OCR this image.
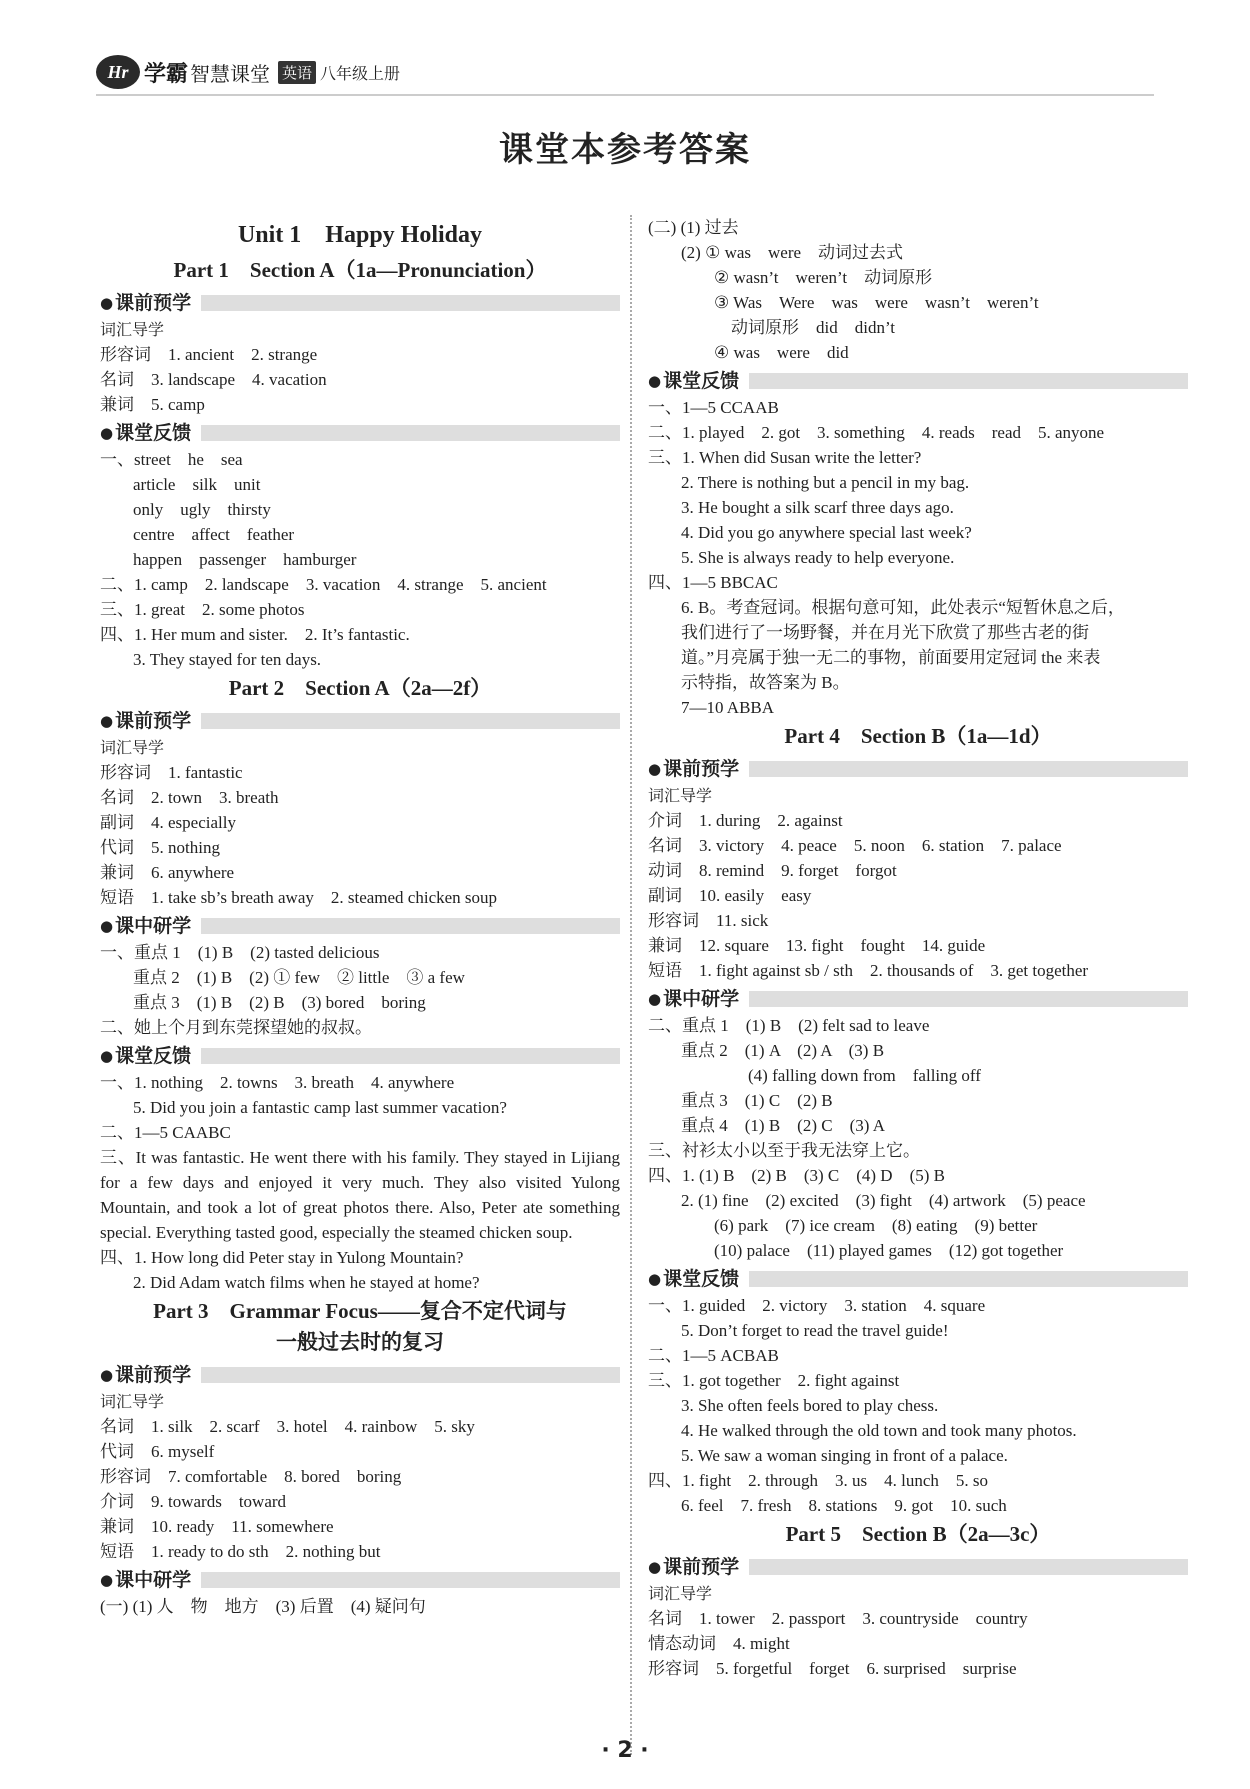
Hr 学霸 智慧课堂 英语 八年级上册
课堂本参考答案
Unit 1　Happy Holiday
Part 1　Section A（1a—Pronunciation）
● 课前预学
词汇导学
形容词　1. ancient　2. strange
名词　3. landscape　4. vacation
兼词　5. camp
● 课堂反馈
一、street　he　sea
article　silk　unit
only　ugly　thirsty
centre　affect　feather
happen　passenger　hamburger
二、1. camp　2. landscape　3. vacation　4. strange　5. ancient
三、1. great　2. some photos
四、1. Her mum and sister.　2. It’s fantastic.
3. They stayed for ten days.
Part 2　Section A（2a—2f）
● 课前预学
词汇导学
形容词　1. fantastic
名词　2. town　3. breath
副词　4. especially
代词　5. nothing
兼词　6. anywhere
短语　1. take sb’s breath away　2. steamed chicken soup
● 课中研学
一、重点 1　(1) B　(2) tasted delicious
重点 2　(1) B　(2) ① few　② little　③ a few
重点 3　(1) B　(2) B　(3) bored　boring
二、她上个月到东莞探望她的叔叔。
● 课堂反馈
一、1. nothing　2. towns　3. breath　4. anywhere
5. Did you join a fantastic camp last summer vacation?
二、1—5 CAABC
三、It was fantastic. He went there with his family. They stayed in Lijiang for a few days and enjoyed it very much. They also visited Yulong Mountain, and took a lot of great photos there. Also, Peter ate something special. Everything tasted good, especially the steamed chicken soup.
四、1. How long did Peter stay in Yulong Mountain?
2. Did Adam watch films when he stayed at home?
Part 3　Grammar Focus——复合不定代词与
一般过去时的复习
● 课前预学
词汇导学
名词　1. silk　2. scarf　3. hotel　4. rainbow　5. sky
代词　6. myself
形容词　7. comfortable　8. bored　boring
介词　9. towards　toward
兼词　10. ready　11. somewhere
短语　1. ready to do sth　2. nothing but
● 课中研学
(一) (1) 人　物　地方　(3) 后置　(4) 疑问句
(二) (1) 过去
(2) ① was　were　动词过去式
② wasn’t　weren’t　动词原形
③ Was　Were　was　were　wasn’t　weren’t
　动词原形　did　didn’t
④ was　were　did
● 课堂反馈
一、1—5 CCAAB
二、1. played　2. got　3. something　4. reads　read　5. anyone
三、1. When did Susan write the letter?
2. There is nothing but a pencil in my bag.
3. He bought a silk scarf three days ago.
4. Did you go anywhere special last week?
5. She is always ready to help everyone.
四、1—5 BBCAC
6. B。考查冠词。根据句意可知，此处表示“短暂休息之后，
我们进行了一场野餐，并在月光下欣赏了那些古老的街
道。”月亮属于独一无二的事物，前面要用定冠词 the 来表
示特指，故答案为 B。
7—10 ABBA
Part 4　Section B（1a—1d）
● 课前预学
词汇导学
介词　1. during　2. against
名词　3. victory　4. peace　5. noon　6. station　7. palace
动词　8. remind　9. forget　forgot
副词　10. easily　easy
形容词　11. sick
兼词　12. square　13. fight　fought　14. guide
短语　1. fight against sb / sth　2. thousands of　3. get together
● 课中研学
二、重点 1　(1) B　(2) felt sad to leave
重点 2　(1) A　(2) A　(3) B
(4) falling down from　falling off
重点 3　(1) C　(2) B
重点 4　(1) B　(2) C　(3) A
三、衬衫太小以至于我无法穿上它。
四、1. (1) B　(2) B　(3) C　(4) D　(5) B
2. (1) fine　(2) excited　(3) fight　(4) artwork　(5) peace
(6) park　(7) ice cream　(8) eating　(9) better
(10) palace　(11) played games　(12) got together
● 课堂反馈
一、1. guided　2. victory　3. station　4. square
5. Don’t forget to read the travel guide!
二、1—5 ACBAB
三、1. got together　2. fight against
3. She often feels bored to play chess.
4. He walked through the old town and took many photos.
5. We saw a woman singing in front of a palace.
四、1. fight　2. through　3. us　4. lunch　5. so
6. feel　7. fresh　8. stations　9. got　10. such
Part 5　Section B（2a—3c）
● 课前预学
词汇导学
名词　1. tower　2. passport　3. countryside　country
情态动词　4. might
形容词　5. forgetful　forget　6. surprised　surprise
· 2 ·
